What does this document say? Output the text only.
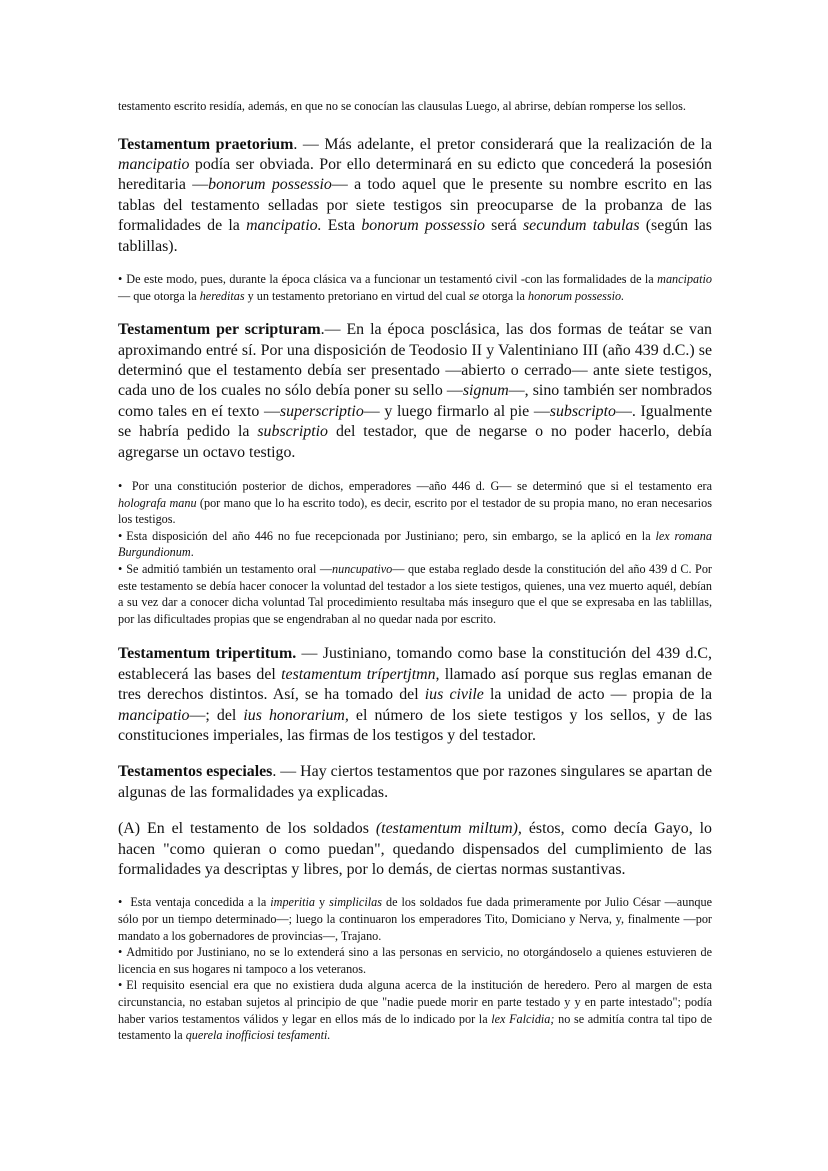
testamento escrito residía, además, en que no se conocían las clausulas Luego, al abrirse, debían romperse los sellos.

Testamentum praetorium. — Más adelante, el pretor considerará que la realización de la mancipatio podía ser obviada. Por ello determinará en su edicto que concederá la posesión hereditaria —bonorum possessio— a todo aquel que le presente su nombre escrito en las tablas del testamento selladas por siete testigos sin preocuparse de la probanza de las formalidades de la mancipatio. Esta bonorum possessio será secundum tabulas (según las tablillas).

• De este modo, pues, durante la época clásica va a funcionar un testamentó civil -con las formalidades de la mancipatio— que otorga la hereditas y un testamento pretoriano en virtud del cual se otorga la honorum possessio.

Testamentum per scripturam.— En la época posclásica, las dos formas de teátar se van aproximando entré sí. Por una disposición de Teodosio II y Valentiniano III (año 439 d.C.) se determinó que el testamento debía ser presentado —abierto o cerrado— ante siete testigos, cada uno de los cuales no sólo debía poner su sello —signum—, sino también ser nombrados como tales en eí texto —superscriptio— y luego firmarlo al pie —subscripto—. Igualmente se habría pedido la subscriptio del testador, que de negarse o no poder hacerlo, debía agregarse un octavo testigo.

• Por una constitución posterior de dichos, emperadores —año 446 d. G— se determinó que si el testamento era holografa manu (por mano que lo ha escrito todo), es decir, escrito por el testador de su propia mano, no eran necesarios los testigos.

• Esta disposición del año 446 no fue recepcionada por Justiniano; pero, sin embargo, se la aplicó en la lex romana Burgundionum.

• Se admitió también un testamento oral —nuncupativo— que estaba reglado desde la constitución del año 439 d C. Por este testamento se debía hacer conocer la voluntad del testador a los siete testigos, quienes, una vez muerto aquél, debían a su vez dar a conocer dicha voluntad Tal procedimiento resultaba más inseguro que el que se expresaba en las tablillas, por las dificultades propias que se engendraban al no quedar nada por escrito.

Testamentum tripertitum. — Justiniano, tomando como base la constitución del 439 d.C, establecerá las bases del testamentum trípertjtmn, llamado así porque sus reglas emanan de tres derechos distintos. Así, se ha tomado del ius civile la unidad de acto — propia de la mancipatio—; del ius honorarium, el número de los siete testigos y los sellos, y de las constituciones imperiales, las firmas de los testigos y del testador.

Testamentos especiales. — Hay ciertos testamentos que por razones singulares se apartan de algunas de las formalidades ya explicadas.

(A) En el testamento de los soldados (testamentum miltum), éstos, como decía Gayo, lo hacen "como quieran o como puedan", quedando dispensados del cumplimiento de las formalidades ya descriptas y libres, por lo demás, de ciertas normas sustantivas.

• Esta ventaja concedida a la imperitia y simplicilas de los soldados fue dada primeramente por Julio César —aunque sólo por un tiempo determinado—; luego la continuaron los emperadores Tito, Domiciano y Nerva, y, finalmente —por mandato a los gobernadores de provincias—, Trajano.

• Admitido por Justiniano, no se lo extenderá sino a las personas en servicio, no otorgándoselo a quienes estuvieren de licencia en sus hogares ni tampoco a los veteranos.

• El requisito esencial era que no existiera duda alguna acerca de la institución de heredero. Pero al margen de esta circunstancia, no estaban sujetos al principio de que "nadie puede morir en parte testado y y en parte intestado"; podía haber varios testamentos válidos y legar en ellos más de lo indicado por la lex Falcidia; no se admitía contra tal tipo de testamento la querela inofficiosi tesfamenti.
